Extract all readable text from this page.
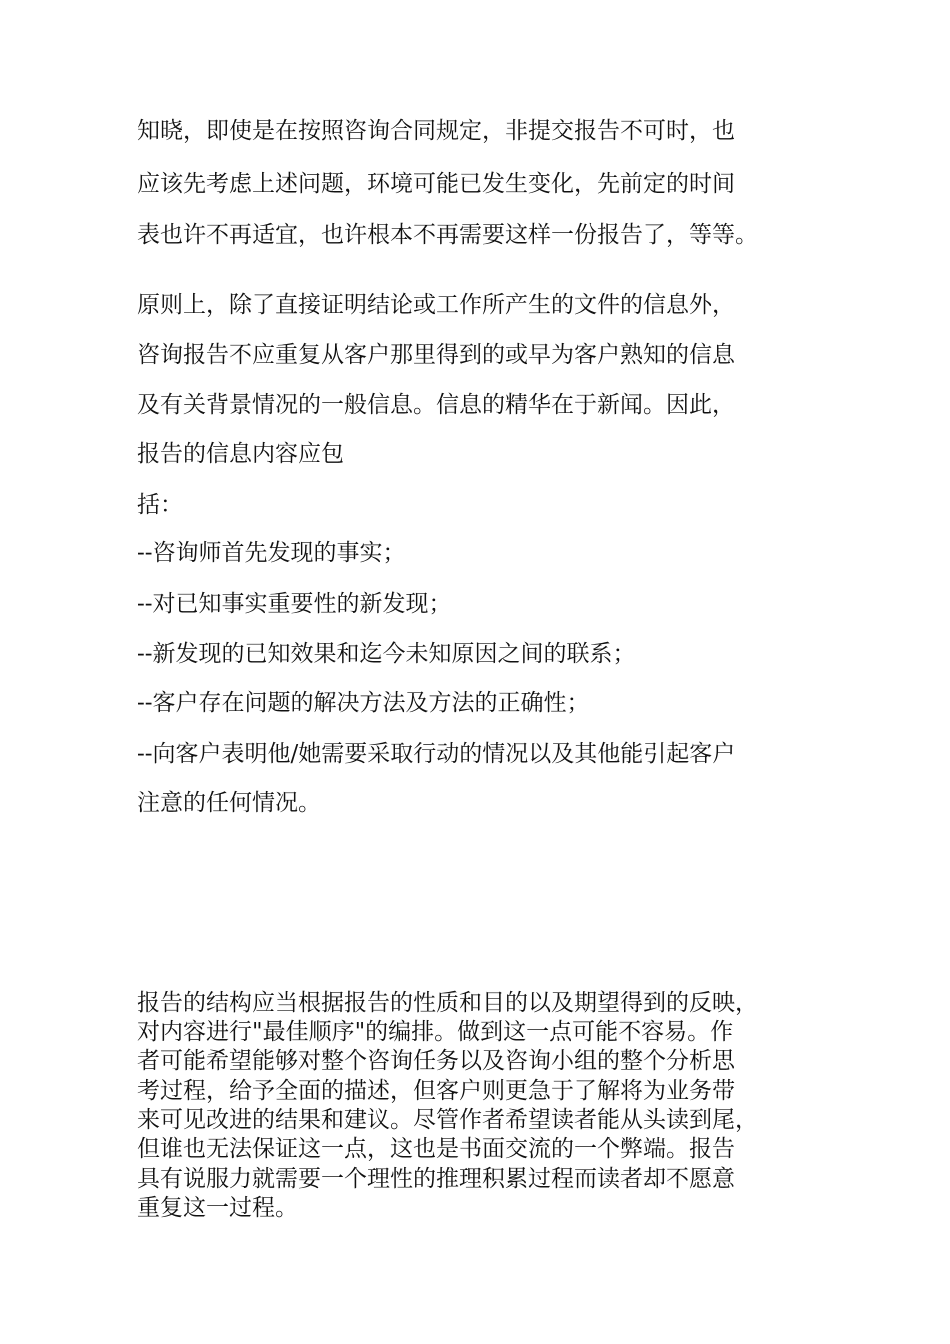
知晓，即使是在按照咨询合同规定，非提交报告不可时，也
应该先考虑上述问题，环境可能已发生变化，先前定的时间
表也许不再适宜，也许根本不再需要这样一份报告了，等等。
原则上，除了直接证明结论或工作所产生的文件的信息外，
咨询报告不应重复从客户那里得到的或早为客户熟知的信息
及有关背景情况的一般信息。信息的精华在于新闻。因此，
报告的信息内容应包
括：
--咨询师首先发现的事实；
--对已知事实重要性的新发现；
--新发现的已知效果和迄今未知原因之间的联系；
--客户存在问题的解决方法及方法的正确性；
--向客户表明他/她需要采取行动的情况以及其他能引起客户
注意的任何情况。
报告的结构应当根据报告的性质和目的以及期望得到的反映，
对内容进行"最佳顺序"的编排。做到这一点可能不容易。作
者可能希望能够对整个咨询任务以及咨询小组的整个分析思
考过程，给予全面的描述，但客户则更急于了解将为业务带
来可见改进的结果和建议。尽管作者希望读者能从头读到尾，
但谁也无法保证这一点，这也是书面交流的一个弊端。报告
具有说服力就需要一个理性的推理积累过程而读者却不愿意
重复这一过程。
